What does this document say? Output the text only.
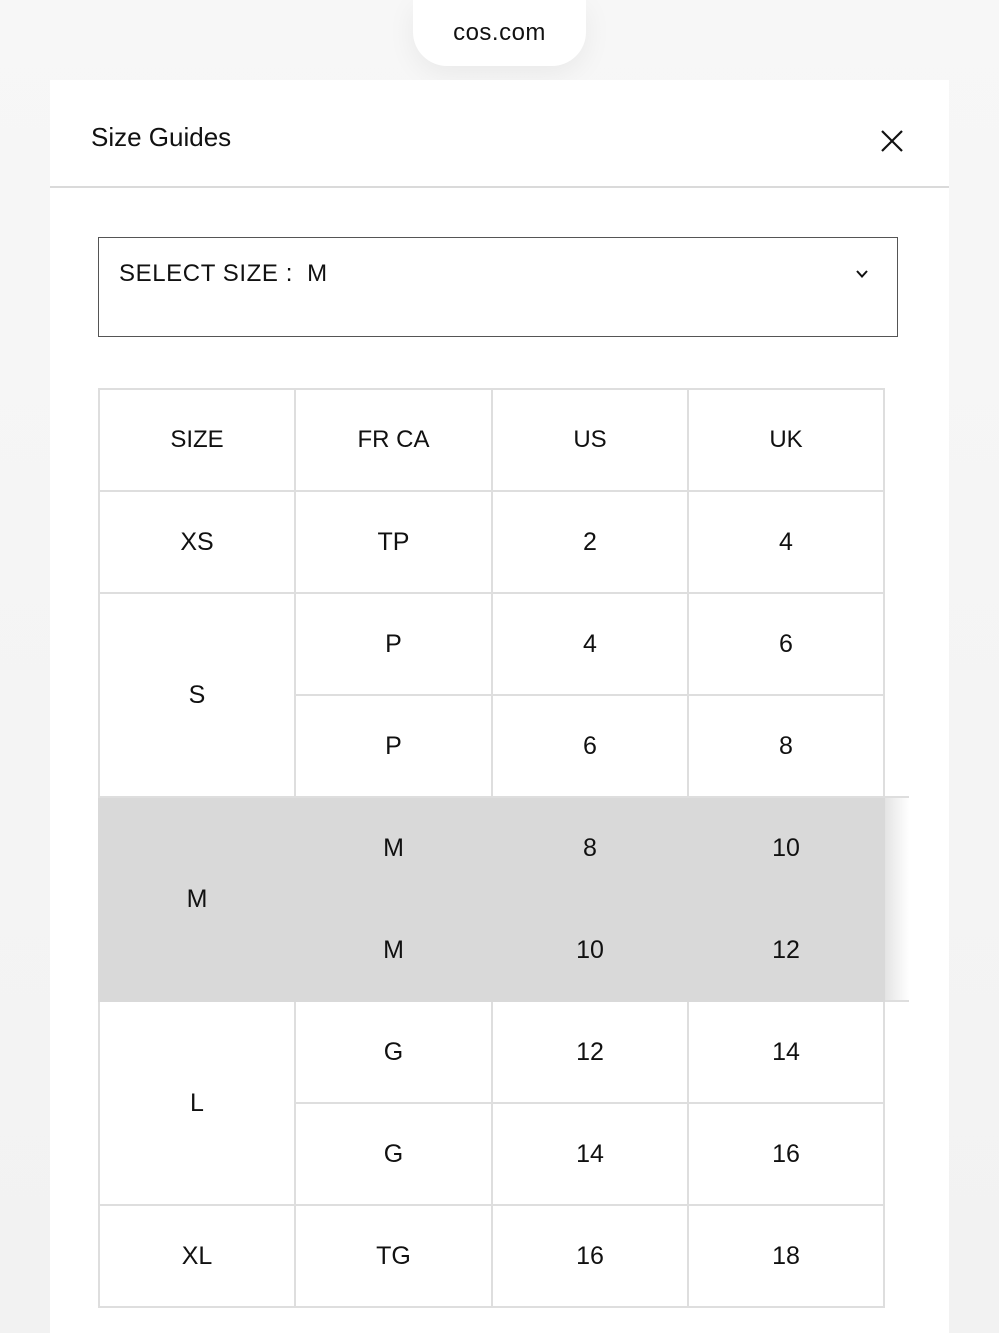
cos.com
Size Guides
SELECT SIZE : M
SIZE	FR CA	US	UK	
XS	TP	2	4	
S	P	4	6	
	P	6	8	
M	M	8	10	
	M	10	12	
L	G	12	14	
	G	14	16	
XL	TG	16	18	
